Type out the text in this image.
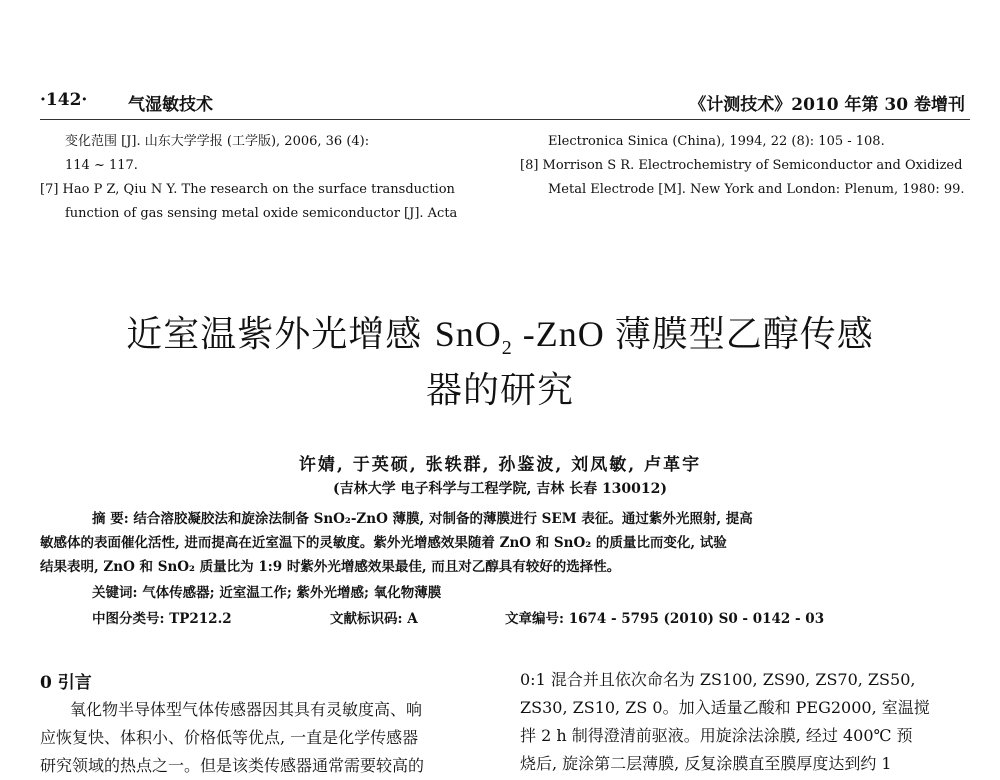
·142· 气湿敏技术	《计测技术》2010 年第 30 卷增刊
变化范围 [J]. 山东大学学报 (工学版), 2006, 36 (4):
114 ~ 117.
[7] Hao P Z, Qiu N Y. The research on the surface transduction
function of gas sensing metal oxide semiconductor [J]. Acta
Electronica Sinica (China), 1994, 22 (8): 105 - 108.
[8] Morrison S R. Electrochemistry of Semiconductor and Oxidized
Metal Electrode [M]. New York and London: Plenum, 1980: 99.
近室温紫外光增感 SnO$_2$ -ZnO 薄膜型乙醇传感
器的研究
许婧, 于英硕, 张轶群, 孙鉴波, 刘凤敏, 卢革宇
(吉林大学 电子科学与工程学院, 吉林 长春 130012)
摘 要: 结合溶胶凝胶法和旋涂法制备 SnO₂-ZnO 薄膜, 对制备的薄膜进行 SEM 表征。通过紫外光照射, 提高
敏感体的表面催化活性, 进而提高在近室温下的灵敏度。紫外光增感效果随着 ZnO 和 SnO₂ 的质量比而变化, 试验
结果表明, ZnO 和 SnO₂ 质量比为 1:9 时紫外光增感效果最佳, 而且对乙醇具有较好的选择性。
关键词: 气体传感器; 近室温工作; 紫外光增感; 氧化物薄膜
中图分类号: TP212.2	文献标识码: A	文章编号: 1674 - 5795 (2010) S0 - 0142 - 03
0 引言
氧化物半导体型气体传感器因其具有灵敏度高、响
应恢复快、体积小、价格低等优点, 一直是化学传感器
研究领域的热点之一。但是该类传感器通常需要较高的
0:1 混合并且依次命名为 ZS100, ZS90, ZS70, ZS50,
ZS30, ZS10, ZS 0。加入适量乙酸和 PEG2000, 室温搅
拌 2 h 制得澄清前驱液。用旋涂法涂膜, 经过 400℃ 预
烧后, 旋涂第二层薄膜, 反复涂膜直至膜厚度达到约 1
